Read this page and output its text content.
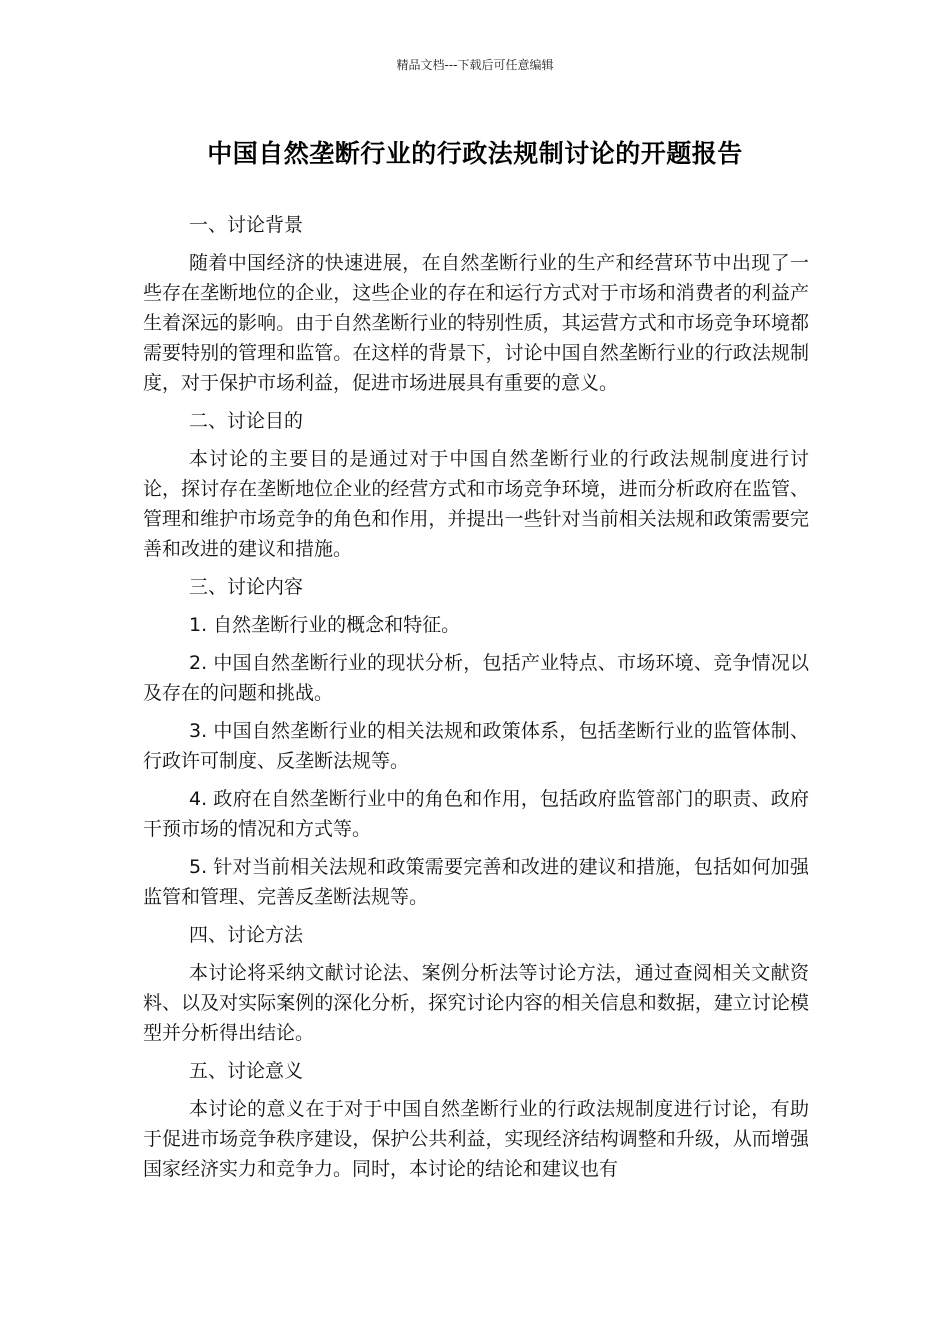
精品文档---下载后可任意编辑
中国自然垄断行业的行政法规制讨论的开题报告
一、讨论背景
随着中国经济的快速进展，在自然垄断行业的生产和经营环节中出现了一些存在垄断地位的企业，这些企业的存在和运行方式对于市场和消费者的利益产生着深远的影响。由于自然垄断行业的特别性质，其运营方式和市场竞争环境都需要特别的管理和监管。在这样的背景下，讨论中国自然垄断行业的行政法规制度，对于保护市场利益，促进市场进展具有重要的意义。
二、讨论目的
本讨论的主要目的是通过对于中国自然垄断行业的行政法规制度进行讨论，探讨存在垄断地位企业的经营方式和市场竞争环境，进而分析政府在监管、管理和维护市场竞争的角色和作用，并提出一些针对当前相关法规和政策需要完善和改进的建议和措施。
三、讨论内容
1. 自然垄断行业的概念和特征。
2. 中国自然垄断行业的现状分析，包括产业特点、市场环境、竞争情况以及存在的问题和挑战。
3. 中国自然垄断行业的相关法规和政策体系，包括垄断行业的监管体制、行政许可制度、反垄断法规等。
4. 政府在自然垄断行业中的角色和作用，包括政府监管部门的职责、政府干预市场的情况和方式等。
5. 针对当前相关法规和政策需要完善和改进的建议和措施，包括如何加强监管和管理、完善反垄断法规等。
四、讨论方法
本讨论将采纳文献讨论法、案例分析法等讨论方法，通过查阅相关文献资料、以及对实际案例的深化分析，探究讨论内容的相关信息和数据，建立讨论模型并分析得出结论。
五、讨论意义
本讨论的意义在于对于中国自然垄断行业的行政法规制度进行讨论，有助于促进市场竞争秩序建设，保护公共利益，实现经济结构调整和升级，从而增强国家经济实力和竞争力。同时，本讨论的结论和建议也有
